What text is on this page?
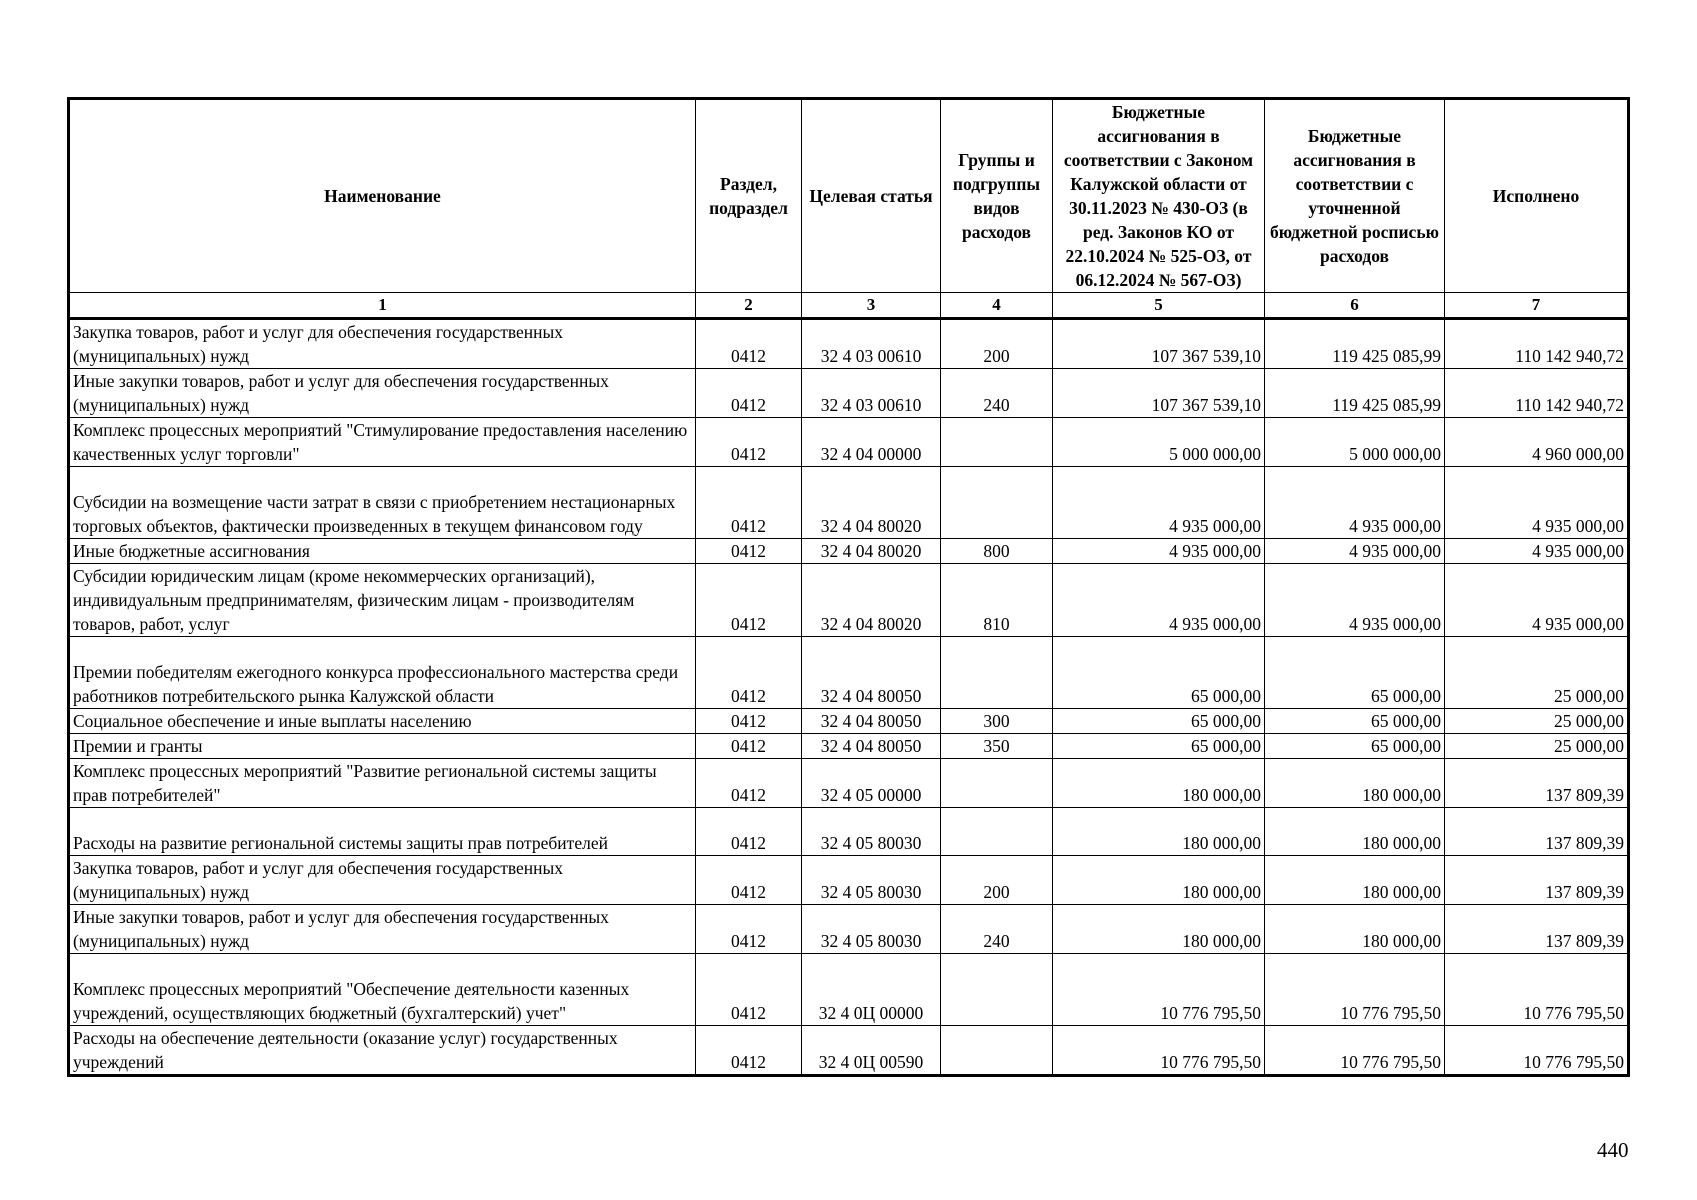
Наименование	Раздел, подраздел	Целевая статья	Группы и подгруппы видов расходов	Бюджетные ассигнования в соответствии с Законом Калужской области от 30.11.2023 № 430-ОЗ (в ред. Законов КО от 22.10.2024 № 525-ОЗ, от 06.12.2024 № 567-ОЗ)	Бюджетные ассигнования в соответствии с уточненной бюджетной росписью расходов	Исполнено
1	2	3	4	5	6	7
Закупка товаров, работ и услуг для обеспечения государственных (муниципальных) нужд	0412	32 4 03 00610	200	107 367 539,10	119 425 085,99	110 142 940,72
Иные закупки товаров, работ и услуг для обеспечения государственных (муниципальных) нужд	0412	32 4 03 00610	240	107 367 539,10	119 425 085,99	110 142 940,72
Комплекс процессных мероприятий "Стимулирование предоставления населению качественных услуг торговли"	0412	32 4 04 00000		5 000 000,00	5 000 000,00	4 960 000,00
Субсидии на возмещение части затрат в связи с приобретением нестационарных торговых объектов, фактически произведенных в текущем финансовом году	0412	32 4 04 80020		4 935 000,00	4 935 000,00	4 935 000,00
Иные бюджетные ассигнования	0412	32 4 04 80020	800	4 935 000,00	4 935 000,00	4 935 000,00
Субсидии юридическим лицам (кроме некоммерческих организаций), индивидуальным предпринимателям, физическим лицам - производителям товаров, работ, услуг	0412	32 4 04 80020	810	4 935 000,00	4 935 000,00	4 935 000,00
Премии победителям ежегодного конкурса профессионального мастерства среди работников потребительского рынка Калужской области	0412	32 4 04 80050		65 000,00	65 000,00	25 000,00
Социальное обеспечение и иные выплаты населению	0412	32 4 04 80050	300	65 000,00	65 000,00	25 000,00
Премии и гранты	0412	32 4 04 80050	350	65 000,00	65 000,00	25 000,00
Комплекс процессных мероприятий "Развитие региональной системы защиты прав потребителей"	0412	32 4 05 00000		180 000,00	180 000,00	137 809,39
Расходы на развитие региональной системы защиты прав потребителей	0412	32 4 05 80030		180 000,00	180 000,00	137 809,39
Закупка товаров, работ и услуг для обеспечения государственных (муниципальных) нужд	0412	32 4 05 80030	200	180 000,00	180 000,00	137 809,39
Иные закупки товаров, работ и услуг для обеспечения государственных (муниципальных) нужд	0412	32 4 05 80030	240	180 000,00	180 000,00	137 809,39
Комплекс процессных мероприятий "Обеспечение деятельности казенных учреждений, осуществляющих бюджетный (бухгалтерский) учет"	0412	32 4 0Ц 00000		10 776 795,50	10 776 795,50	10 776 795,50
Расходы на обеспечение деятельности (оказание услуг) государственных учреждений	0412	32 4 0Ц 00590		10 776 795,50	10 776 795,50	10 776 795,50
440
